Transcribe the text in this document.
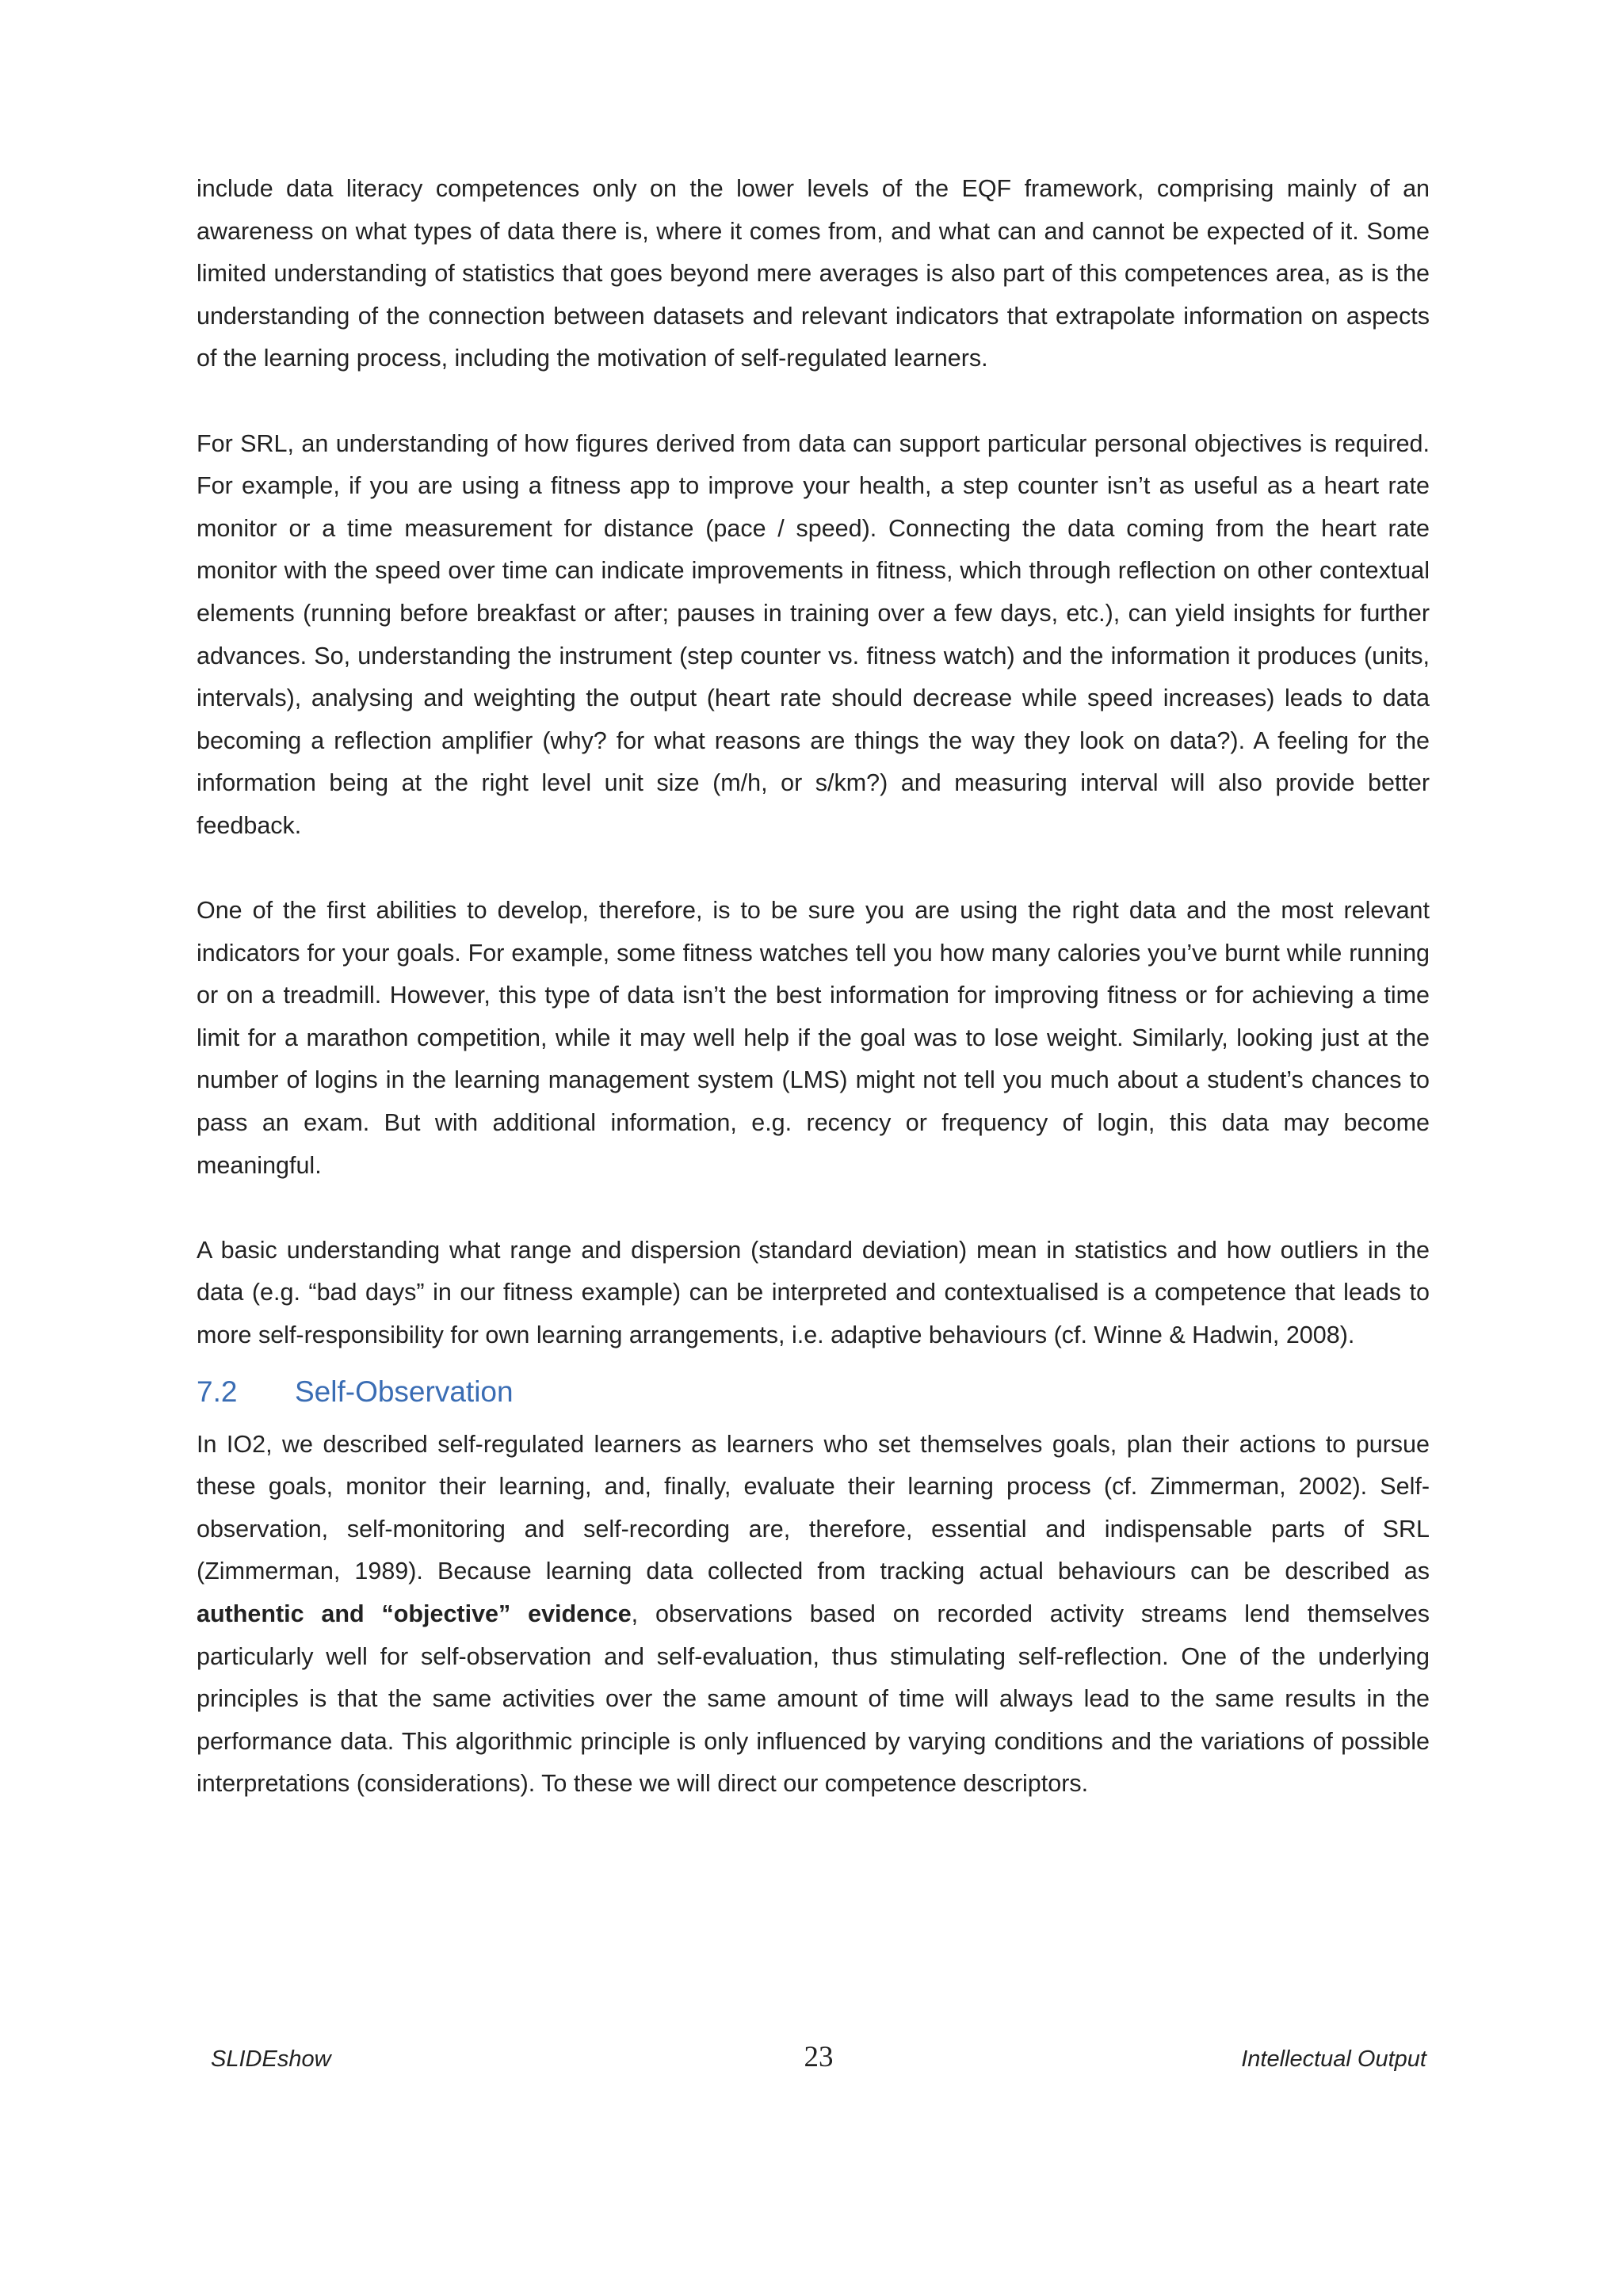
include data literacy competences only on the lower levels of the EQF framework, comprising mainly of an awareness on what types of data there is, where it comes from, and what can and cannot be expected of it. Some limited understanding of statistics that goes beyond mere averages is also part of this competences area, as is the understanding of the connection between datasets and relevant indicators that extrapolate information on aspects of the learning process, including the motivation of self-regulated learners.

For SRL, an understanding of how figures derived from data can support particular personal objectives is required. For example, if you are using a fitness app to improve your health, a step counter isn’t as useful as a heart rate monitor or a time measurement for distance (pace / speed). Connecting the data coming from the heart rate monitor with the speed over time can indicate improvements in fitness, which through reflection on other contextual elements (running before breakfast or after; pauses in training over a few days, etc.), can yield insights for further advances. So, understanding the instrument (step counter vs. fitness watch) and the information it produces (units, intervals), analysing and weighting the output (heart rate should decrease while speed increases) leads to data becoming a reflection amplifier (why? for what reasons are things the way they look on data?). A feeling for the information being at the right level unit size (m/h, or s/km?) and measuring interval will also provide better feedback.

One of the first abilities to develop, therefore, is to be sure you are using the right data and the most relevant indicators for your goals. For example, some fitness watches tell you how many calories you’ve burnt while running or on a treadmill. However, this type of data isn’t the best information for improving fitness or for achieving a time limit for a marathon competition, while it may well help if the goal was to lose weight. Similarly, looking just at the number of logins in the learning management system (LMS) might not tell you much about a student’s chances to pass an exam. But with additional information, e.g. recency or frequency of login, this data may become meaningful.

A basic understanding what range and dispersion (standard deviation) mean in statistics and how outliers in the data (e.g. “bad days” in our fitness example) can be interpreted and contextualised is a competence that leads to more self-responsibility for own learning arrangements, i.e. adaptive behaviours (cf. Winne & Hadwin, 2008).

7.2 Self-Observation

In IO2, we described self-regulated learners as learners who set themselves goals, plan their actions to pursue these goals, monitor their learning, and, finally, evaluate their learning process (cf. Zimmerman, 2002). Self-observation, self-monitoring and self-recording are, therefore, essential and indispensable parts of SRL (Zimmerman, 1989). Because learning data collected from tracking actual behaviours can be described as authentic and “objective” evidence, observations based on recorded activity streams lend themselves particularly well for self-observation and self-evaluation, thus stimulating self-reflection. One of the underlying principles is that the same activities over the same amount of time will always lead to the same results in the performance data. This algorithmic principle is only influenced by varying conditions and the variations of possible interpretations (considerations). To these we will direct our competence descriptors.

SLIDEshow	23	Intellectual Output
